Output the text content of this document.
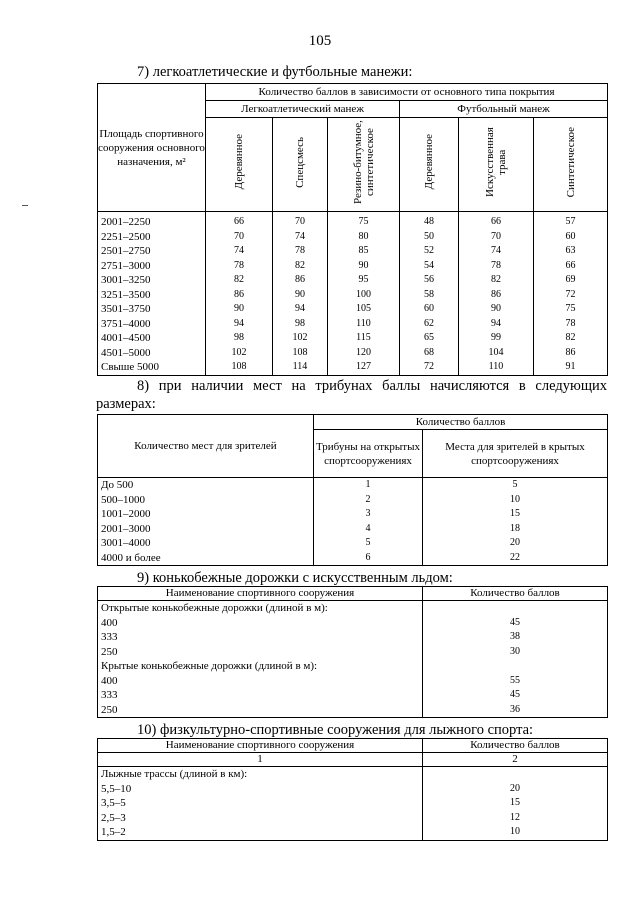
105
7) легкоатлетические и футбольные манежи:
Площадь спортивного сооружения основного назначения, м²	Количество баллов в зависимости от основного типа покрытия					
	Легкоатлетический манеж			Футбольный манеж		
	Деревянное	Спецсмесь	Резино-битумное, синтетическое	Деревянное	Искусственная трава	Синтетическое
2001–2250	66	70	75	48	66	57
2251–2500	70	74	80	50	70	60
2501–2750	74	78	85	52	74	63
2751–3000	78	82	90	54	78	66
3001–3250	82	86	95	56	82	69
3251–3500	86	90	100	58	86	72
3501–3750	90	94	105	60	90	75
3751–4000	94	98	110	62	94	78
4001–4500	98	102	115	65	99	82
4501–5000	102	108	120	68	104	86
Свыше 5000	108	114	127	72	110	91
8) при наличии мест на трибунах баллы начисляются в следующих
размерах:
Количество мест для зрителей	Количество баллов	
	Трибуны на открытых спортсооружениях	Места для зрителей в крытых спортсооружениях
До 500	1	5
500–1000	2	10
1001–2000	3	15
2001–3000	4	18
3001–4000	5	20
4000 и более	6	22
9) конькобежные дорожки с искусственным льдом:
Наименование спортивного сооружения	Количество баллов
Открытые конькобежные дорожки (длиной в м):	
400	45
333	38
250	30
Крытые конькобежные дорожки (длиной в м):	
400	55
333	45
250	36
10) физкультурно-спортивные сооружения для лыжного спорта:
Наименование спортивного сооружения	Количество баллов
1	2
Лыжные трассы (длиной в км):	
5,5–10	20
3,5–5	15
2,5–3	12
1,5–2	10
